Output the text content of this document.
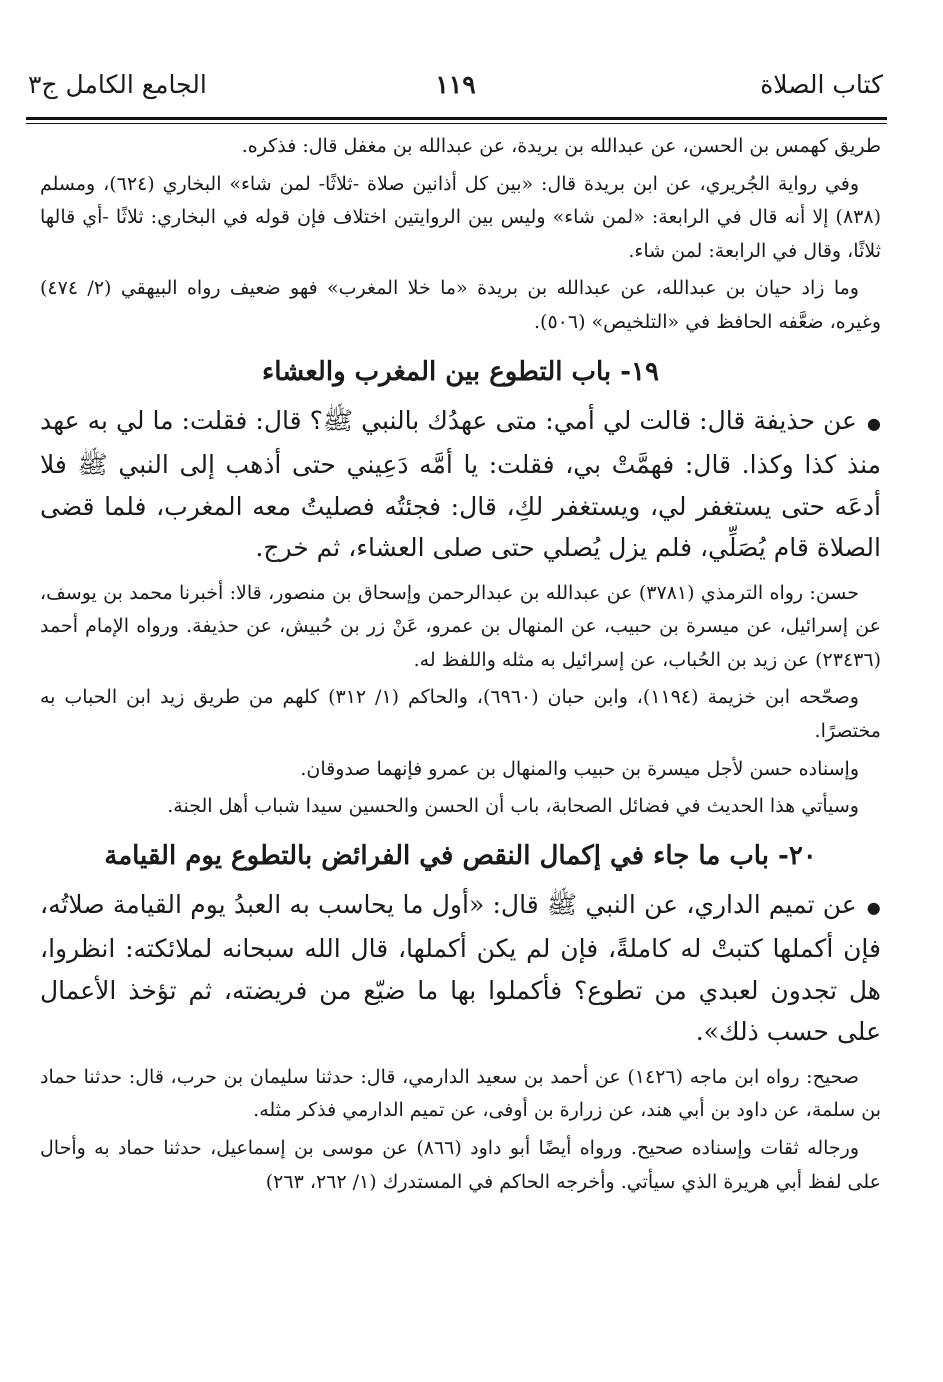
كتاب الصلاة
١١٩
الجامع الكامل ج٣

طريق كهمس بن الحسن، عن عبدالله بن بريدة، عن عبدالله بن مغفل قال: فذكره.

وفي رواية الجُريري، عن ابن بريدة قال: «بين كل أذانين صلاة -ثلاثًا- لمن شاء» البخاري (٦٢٤)، ومسلم (٨٣٨) إلا أنه قال في الرابعة: «لمن شاء» وليس بين الروايتين اختلاف فإن قوله في البخاري: ثلاثًا -أي قالها ثلاثًا، وقال في الرابعة: لمن شاء.

وما زاد حيان بن عبدالله، عن عبدالله بن بريدة «ما خلا المغرب» فهو ضعيف رواه البيهقي (٢/ ٤٧٤) وغيره، ضعَّفه الحافظ في «التلخيص» (٥٠٦).

١٩- باب التطوع بين المغرب والعشاء

●عن حذيفة قال: قالت لي أمي: متى عهدُك بالنبي ﷺ؟ قال: فقلت: ما لي به عهد منذ كذا وكذا. قال: فهمَّتْ بي، فقلت: يا أمَّه دَعِيني حتى أذهب إلى النبي ﷺ فلا أدعَه حتى يستغفر لي، ويستغفر لكِ، قال: فجئتُه فصليتُ معه المغرب، فلما قضى الصلاة قام يُصَلِّي، فلم يزل يُصلي حتى صلى العشاء، ثم خرج.

حسن: رواه الترمذي (٣٧٨١) عن عبدالله بن عبدالرحمن وإسحاق بن منصور، قالا: أخبرنا محمد بن يوسف، عن إسرائيل، عن ميسرة بن حبيب، عن المنهال بن عمرو، عَنْ زر بن حُبيش، عن حذيفة. ورواه الإمام أحمد (٢٣٤٣٦) عن زيد بن الحُباب، عن إسرائيل به مثله واللفظ له.

وصحّحه ابن خزيمة (١١٩٤)، وابن حبان (٦٩٦٠)، والحاكم (١/ ٣١٢) كلهم من طريق زيد ابن الحباب به مختصرًا.

وإسناده حسن لأجل ميسرة بن حبيب والمنهال بن عمرو فإنهما صدوقان.

وسيأتي هذا الحديث في فضائل الصحابة، باب أن الحسن والحسين سيدا شباب أهل الجنة.

٢٠- باب ما جاء في إكمال النقص في الفرائض بالتطوع يوم القيامة

●عن تميم الداري، عن النبي ﷺ قال: «أول ما يحاسب به العبدُ يوم القيامة صلاتُه، فإن أكملها كتبتْ له كاملةً، فإن لم يكن أكملها، قال الله سبحانه لملائكته: انظروا، هل تجدون لعبدي من تطوع؟ فأكملوا بها ما ضيّع من فريضته، ثم تؤخذ الأعمال على حسب ذلك».

صحيح: رواه ابن ماجه (١٤٢٦) عن أحمد بن سعيد الدارمي، قال: حدثنا سليمان بن حرب، قال: حدثنا حماد بن سلمة، عن داود بن أبي هند، عن زرارة بن أوفى، عن تميم الدارمي فذكر مثله.

ورجاله ثقات وإسناده صحيح. ورواه أيضًا أبو داود (٨٦٦) عن موسى بن إسماعيل، حدثنا حماد به وأحال على لفظ أبي هريرة الذي سيأتي. وأخرجه الحاكم في المستدرك (١/ ٢٦٢، ٢٦٣)
